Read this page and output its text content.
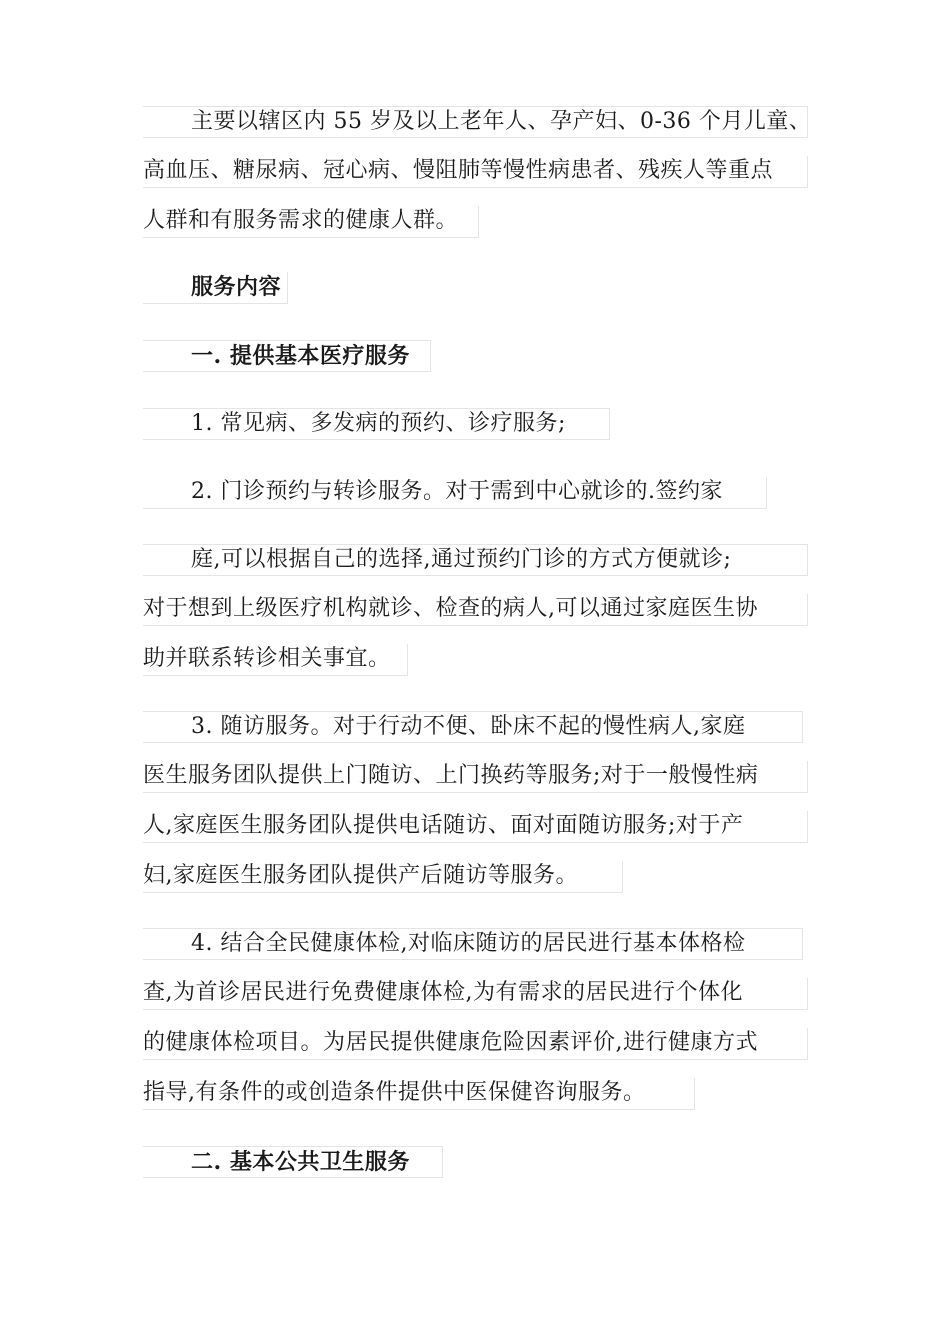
主要以辖区内 55 岁及以上老年人、孕产妇、0-36 个月儿童、
高血压、糖尿病、冠心病、慢阻肺等慢性病患者、残疾人等重点
人群和有服务需求的健康人群。
服务内容
一. 提供基本医疗服务
1. 常见病、多发病的预约、诊疗服务;
2. 门诊预约与转诊服务。对于需到中心就诊的.签约家
庭,可以根据自己的选择,通过预约门诊的方式方便就诊;
对于想到上级医疗机构就诊、检查的病人,可以通过家庭医生协
助并联系转诊相关事宜。
3. 随访服务。对于行动不便、卧床不起的慢性病人,家庭
医生服务团队提供上门随访、上门换药等服务;对于一般慢性病
人,家庭医生服务团队提供电话随访、面对面随访服务;对于产
妇,家庭医生服务团队提供产后随访等服务。
4. 结合全民健康体检,对临床随访的居民进行基本体格检
查,为首诊居民进行免费健康体检,为有需求的居民进行个体化
的健康体检项目。为居民提供健康危险因素评价,进行健康方式
指导,有条件的或创造条件提供中医保健咨询服务。
二. 基本公共卫生服务
